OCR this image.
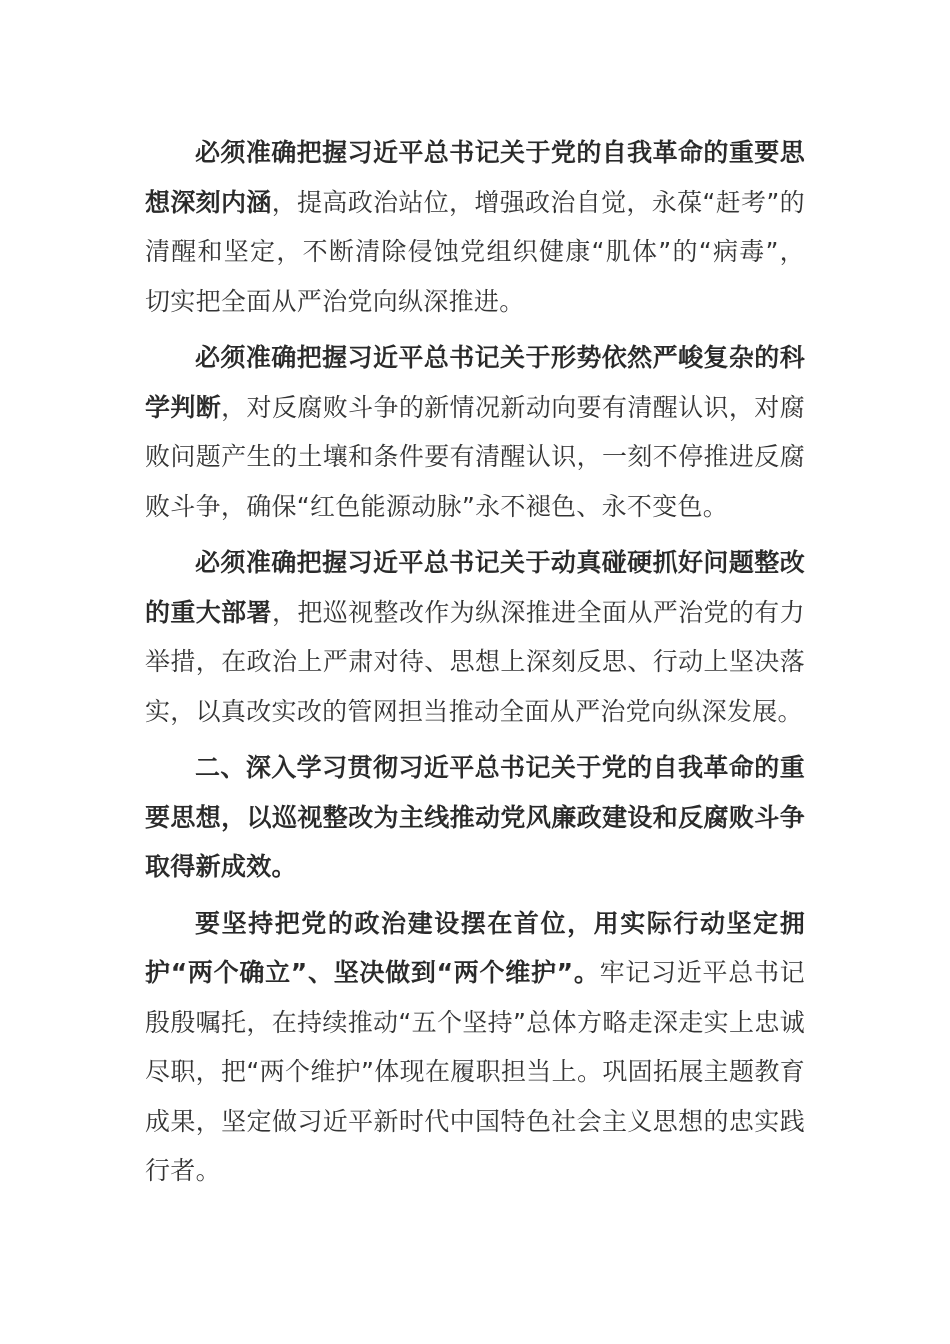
必须准确把握习近平总书记关于党的自我革命的重要思想深刻内涵，提高政治站位，增强政治自觉，永葆“赶考”的清醒和坚定，不断清除侵蚀党组织健康“肌体”的“病毒”，切实把全面从严治党向纵深推进。

必须准确把握习近平总书记关于形势依然严峻复杂的科学判断，对反腐败斗争的新情况新动向要有清醒认识，对腐败问题产生的土壤和条件要有清醒认识，一刻不停推进反腐败斗争，确保“红色能源动脉”永不褪色、永不变色。

必须准确把握习近平总书记关于动真碰硬抓好问题整改的重大部署，把巡视整改作为纵深推进全面从严治党的有力举措，在政治上严肃对待、思想上深刻反思、行动上坚决落实，以真改实改的管网担当推动全面从严治党向纵深发展。

二、深入学习贯彻习近平总书记关于党的自我革命的重要思想，以巡视整改为主线推动党风廉政建设和反腐败斗争取得新成效。

要坚持把党的政治建设摆在首位，用实际行动坚定拥护“两个确立”、坚决做到“两个维护”。牢记习近平总书记殷殷嘱托，在持续推动“五个坚持”总体方略走深走实上忠诚尽职，把“两个维护”体现在履职担当上。巩固拓展主题教育成果，坚定做习近平新时代中国特色社会主义思想的忠实践行者。
